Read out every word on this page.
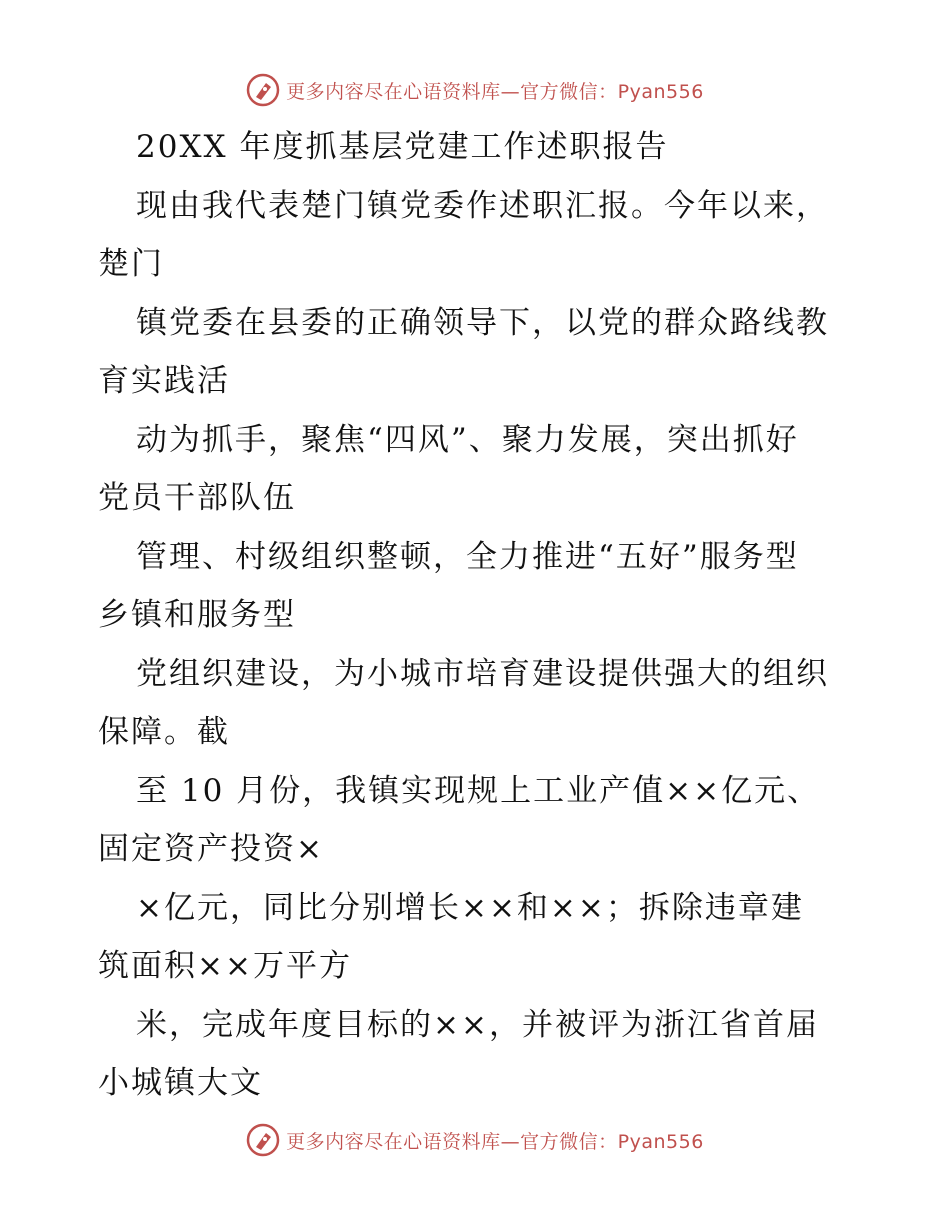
更多内容尽在心语资料库—官方微信：Pyan556
20XX 年度抓基层党建工作述职报告
现由我代表楚门镇党委作述职汇报。今年以来，
楚门
镇党委在县委的正确领导下，以党的群众路线教
育实践活
动为抓手，聚焦“四风”、聚力发展，突出抓好
党员干部队伍
管理、村级组织整顿，全力推进“五好”服务型
乡镇和服务型
党组织建设，为小城市培育建设提供强大的组织
保障。截
至 10 月份，我镇实现规上工业产值××亿元、
固定资产投资×
×亿元，同比分别增长××和××；拆除违章建
筑面积××万平方
米，完成年度目标的××，并被评为浙江省首届
小城镇大文
更多内容尽在心语资料库—官方微信：Pyan556
